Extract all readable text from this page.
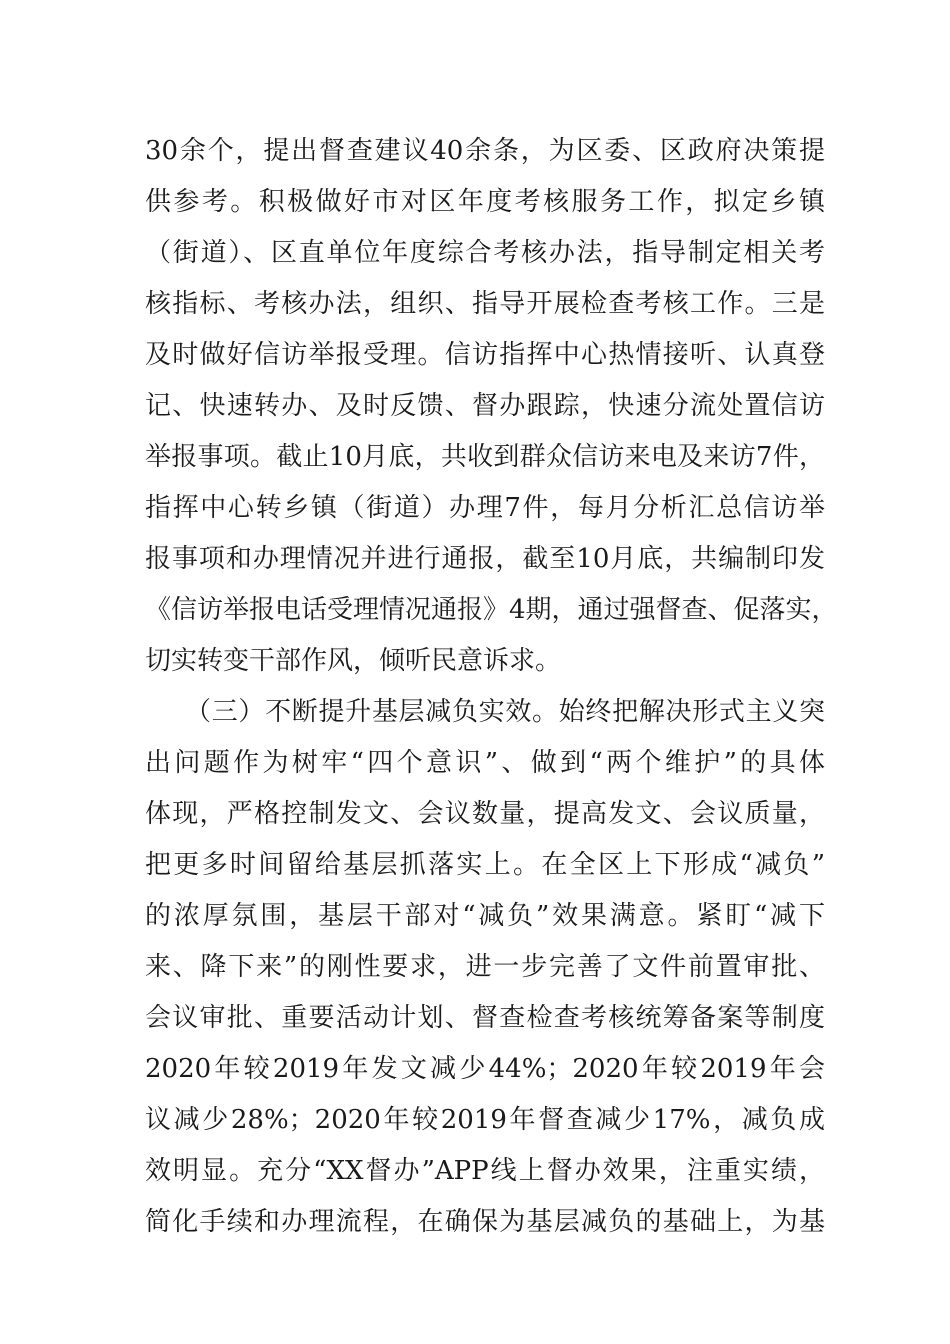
30余个，提出督查建议40余条，为区委、区政府决策提
供参考。积极做好市对区年度考核服务工作，拟定乡镇
（街道）、区直单位年度综合考核办法，指导制定相关考
核指标、考核办法，组织、指导开展检查考核工作。三是
及时做好信访举报受理。信访指挥中心热情接听、认真登
记、快速转办、及时反馈、督办跟踪，快速分流处置信访
举报事项。截止10月底，共收到群众信访来电及来访7件，
指挥中心转乡镇（街道）办理7件，每月分析汇总信访举
报事项和办理情况并进行通报，截至10月底，共编制印发
《信访举报电话受理情况通报》4期，通过强督查、促落实，
切实转变干部作风，倾听民意诉求。
（三）不断提升基层减负实效。始终把解决形式主义突
出问题作为树牢“四个意识”、做到“两个维护”的具体
体现，严格控制发文、会议数量，提高发文、会议质量，
把更多时间留给基层抓落实上。在全区上下形成“减负”
的浓厚氛围，基层干部对“减负”效果满意。紧盯“减下
来、降下来”的刚性要求，进一步完善了文件前置审批、
会议审批、重要活动计划、督查检查考核统筹备案等制度
2020年较2019年发文减少44%；2020年较2019年会
议减少28%；2020年较2019年督查减少17%，减负成
效明显。充分“XX督办”APP线上督办效果，注重实绩，
简化手续和办理流程，在确保为基层减负的基础上，为基
